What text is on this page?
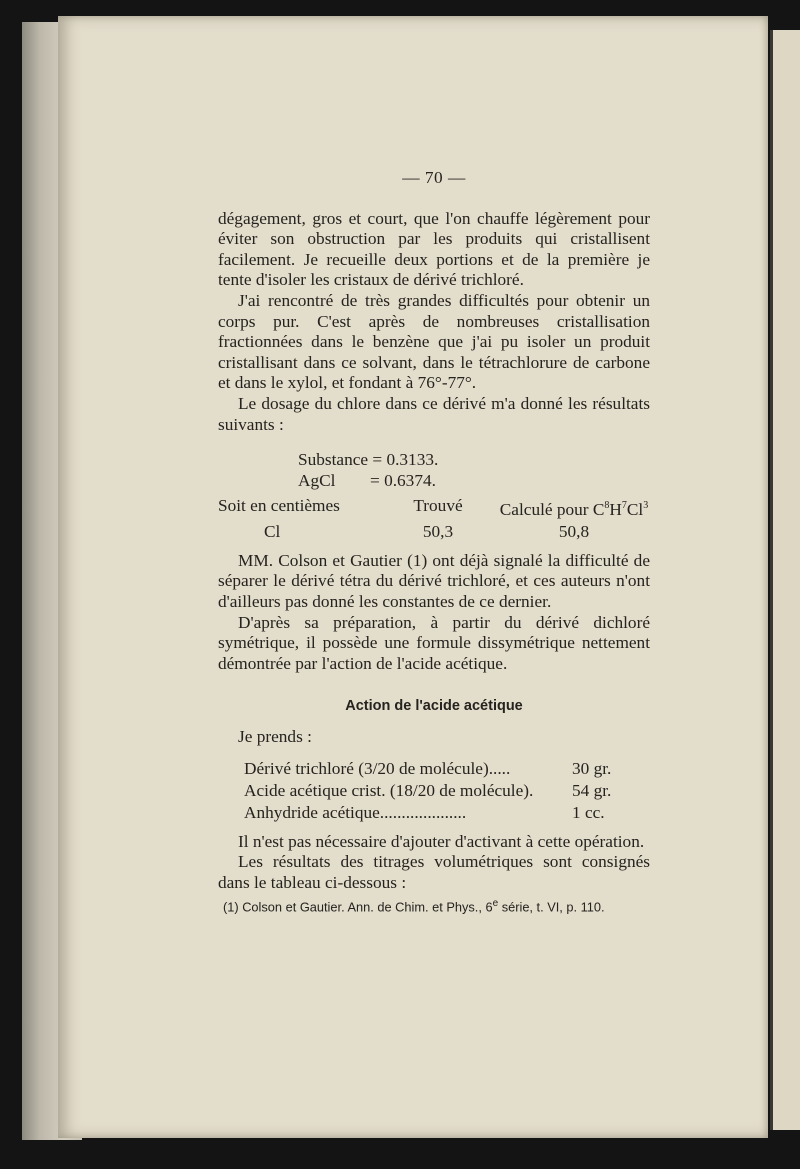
— 70 —

dégagement, gros et court, que l'on chauffe légèrement pour éviter son obstruction par les produits qui cristallisent facilement. Je recueille deux portions et de la première je tente d'isoler les cristaux de dérivé trichloré.

J'ai rencontré de très grandes difficultés pour obtenir un corps pur. C'est après de nombreuses cristallisation fractionnées dans le benzène que j'ai pu isoler un produit cristallisant dans ce solvant, dans le tétrachlorure de carbone et dans le xylol, et fondant à 76°-77°.

Le dosage du chlore dans ce dérivé m'a donné les résultats suivants :

Substance = 0.3133.
AgCl        = 0.6374.
Soit en centièmes	Trouvé	Calculé pour $C^8H^7Cl^3$
Cl	50,3	50,8

MM. Colson et Gautier (1) ont déjà signalé la difficulté de séparer le dérivé tétra du dérivé trichloré, et ces auteurs n'ont d'ailleurs pas donné les constantes de ce dernier.

D'après sa préparation, à partir du dérivé dichloré symétrique, il possède une formule dissymétrique nettement démontrée par l'action de l'acide acétique.

Action de l'acide acétique

Je prends :

Dérivé trichloré (3/20 de molécule).....	30 gr.
Acide acétique crist. (18/20 de molécule). 54 gr.
Anhydride acétique....................	1 cc.

Il n'est pas nécessaire d'ajouter d'activant à cette opération.

Les résultats des titrages volumétriques sont consignés dans le tableau ci-dessous :

(1) Colson et Gautier. Ann. de Chim. et Phys., 6e série, t. VI, p. 110.
